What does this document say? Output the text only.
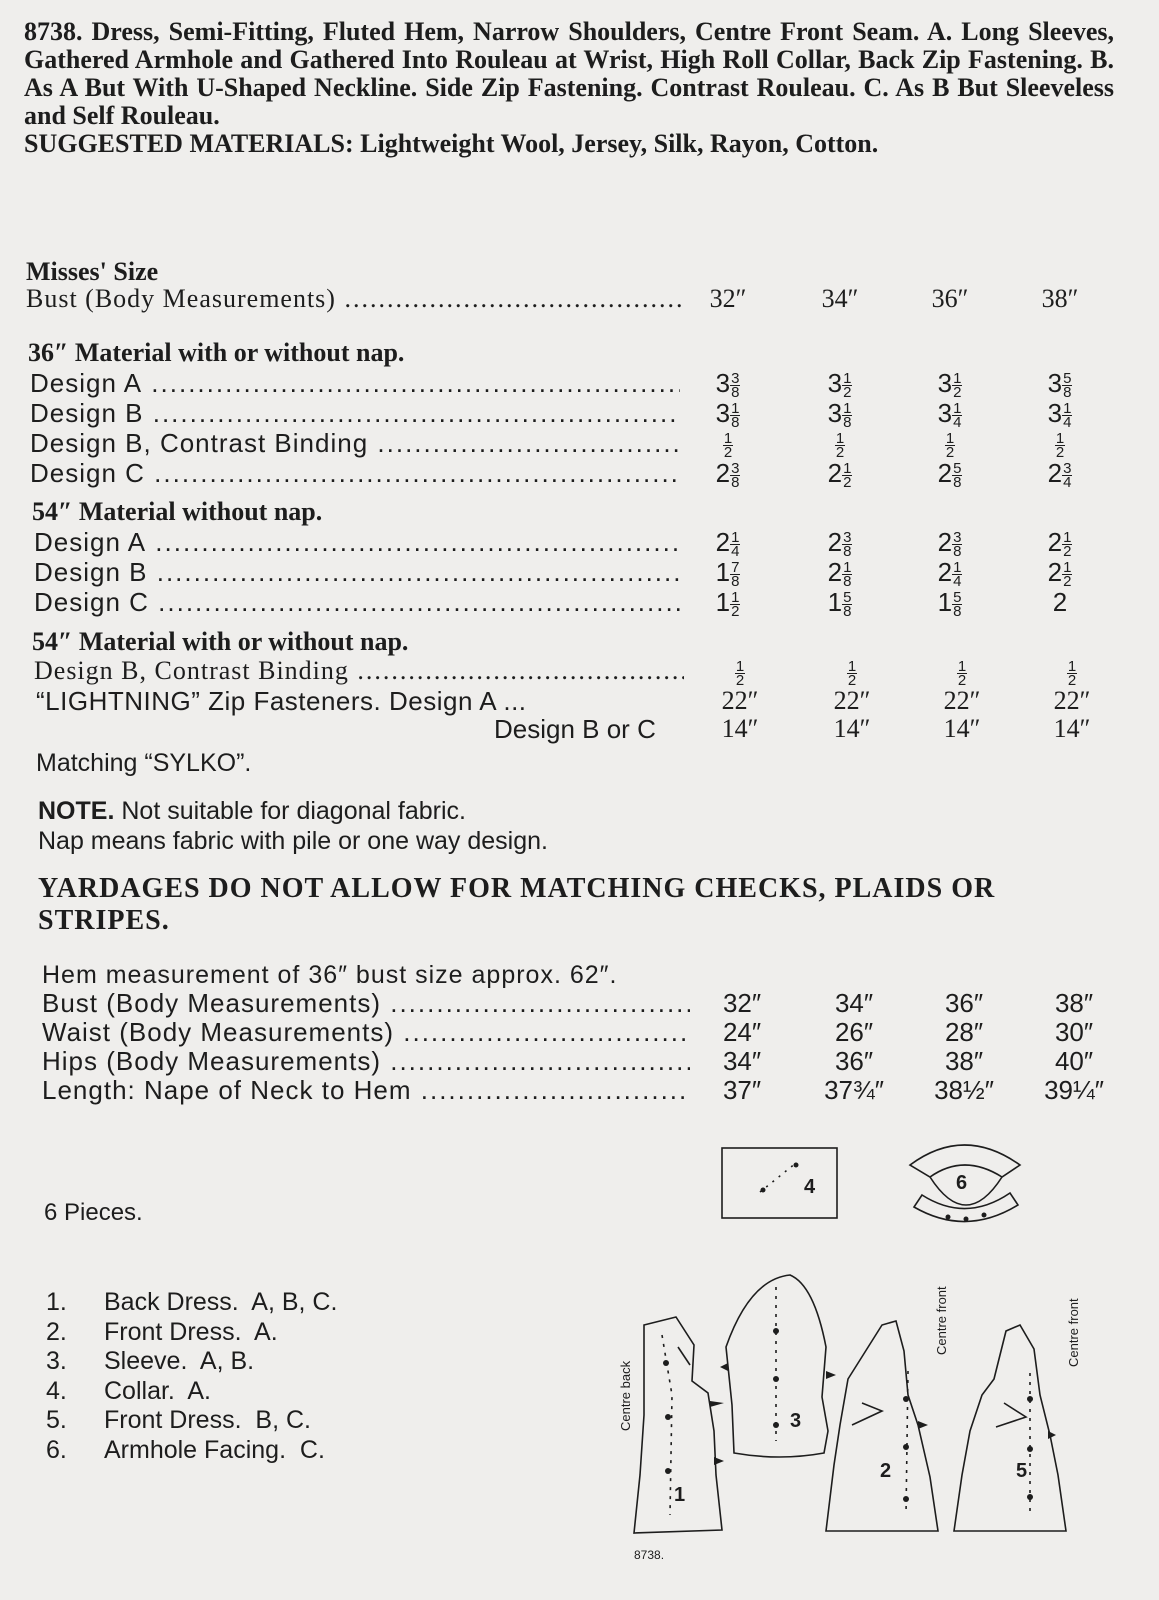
8738. Dress, Semi-Fitting, Fluted Hem, Narrow Shoulders, Centre Front Seam. A. Long Sleeves, Gathered Armhole and Gathered Into Rouleau at Wrist, High Roll Collar, Back Zip Fastening. B. As A But With U-Shaped Neckline. Side Zip Fastening. Contrast Rouleau. C. As B But Sleeveless and Self Rouleau.

SUGGESTED MATERIALS: Lightweight Wool, Jersey, Silk, Rayon, Cotton.

Misses' Size
Bust (Body Measurements) .....	32″	34″	36″	38″
36″ Material with or without nap.
Design A .....	$3 \frac{3}{8}$	$3 \frac{1}{2}$	$3 \frac{1}{2}$	$3 \frac{5}{8}$
Design B .....	$3 \frac{1}{8}$	$3 \frac{1}{8}$	$3 \frac{1}{4}$	$3 \frac{1}{4}$
Design B, Contrast Binding .....	$\frac{1}{2}$	$\frac{1}{2}$	$\frac{1}{2}$	$\frac{1}{2}$
Design C .....	$2 \frac{3}{8}$	$2 \frac{1}{2}$	$2 \frac{5}{8}$	$2 \frac{3}{4}$
54″ Material without nap.
Design A .....	$2 \frac{1}{4}$	$2 \frac{3}{8}$	$2 \frac{3}{8}$	$2 \frac{1}{2}$
Design B .....	$1 \frac{7}{8}$	$2 \frac{1}{8}$	$2 \frac{1}{4}$	$2 \frac{1}{2}$
Design C .....	$1 \frac{1}{2}$	$1 \frac{5}{8}$	$1 \frac{5}{8}$	2
54″ Material with or without nap.
Design B, Contrast Binding .....	$\frac{1}{2}$	$\frac{1}{2}$	$\frac{1}{2}$	$\frac{1}{2}$
“LIGHTNING” Zip Fasteners. Design A ...	22″	22″	22″	22″
Design B or C	14″	14″	14″	14″
Matching “SYLKO”.
NOTE. Not suitable for diagonal fabric.
Nap means fabric with pile or one way design.
YARDAGES DO NOT ALLOW FOR MATCHING CHECKS, PLAIDS OR STRIPES.
Hem measurement of 36″ bust size approx. 62″.
Bust (Body Measurements) .....	32″	34″	36″	38″
Waist (Body Measurements) .....	24″	26″	28″	30″
Hips (Body Measurements) .....	34″	36″	38″	40″
Length: Nape of Neck to Hem .....	37″	37¾″	38½″	39¼″
6 Pieces.
1. Back Dress.  A, B, C.
2. Front Dress.  A.
3. Sleeve.  A, B.
4. Collar.  A.
5. Front Dress.  B, C.
6. Armhole Facing.  C.
4	6
1
3
2	5
Centre back
Centre front	Centre front
8738.
